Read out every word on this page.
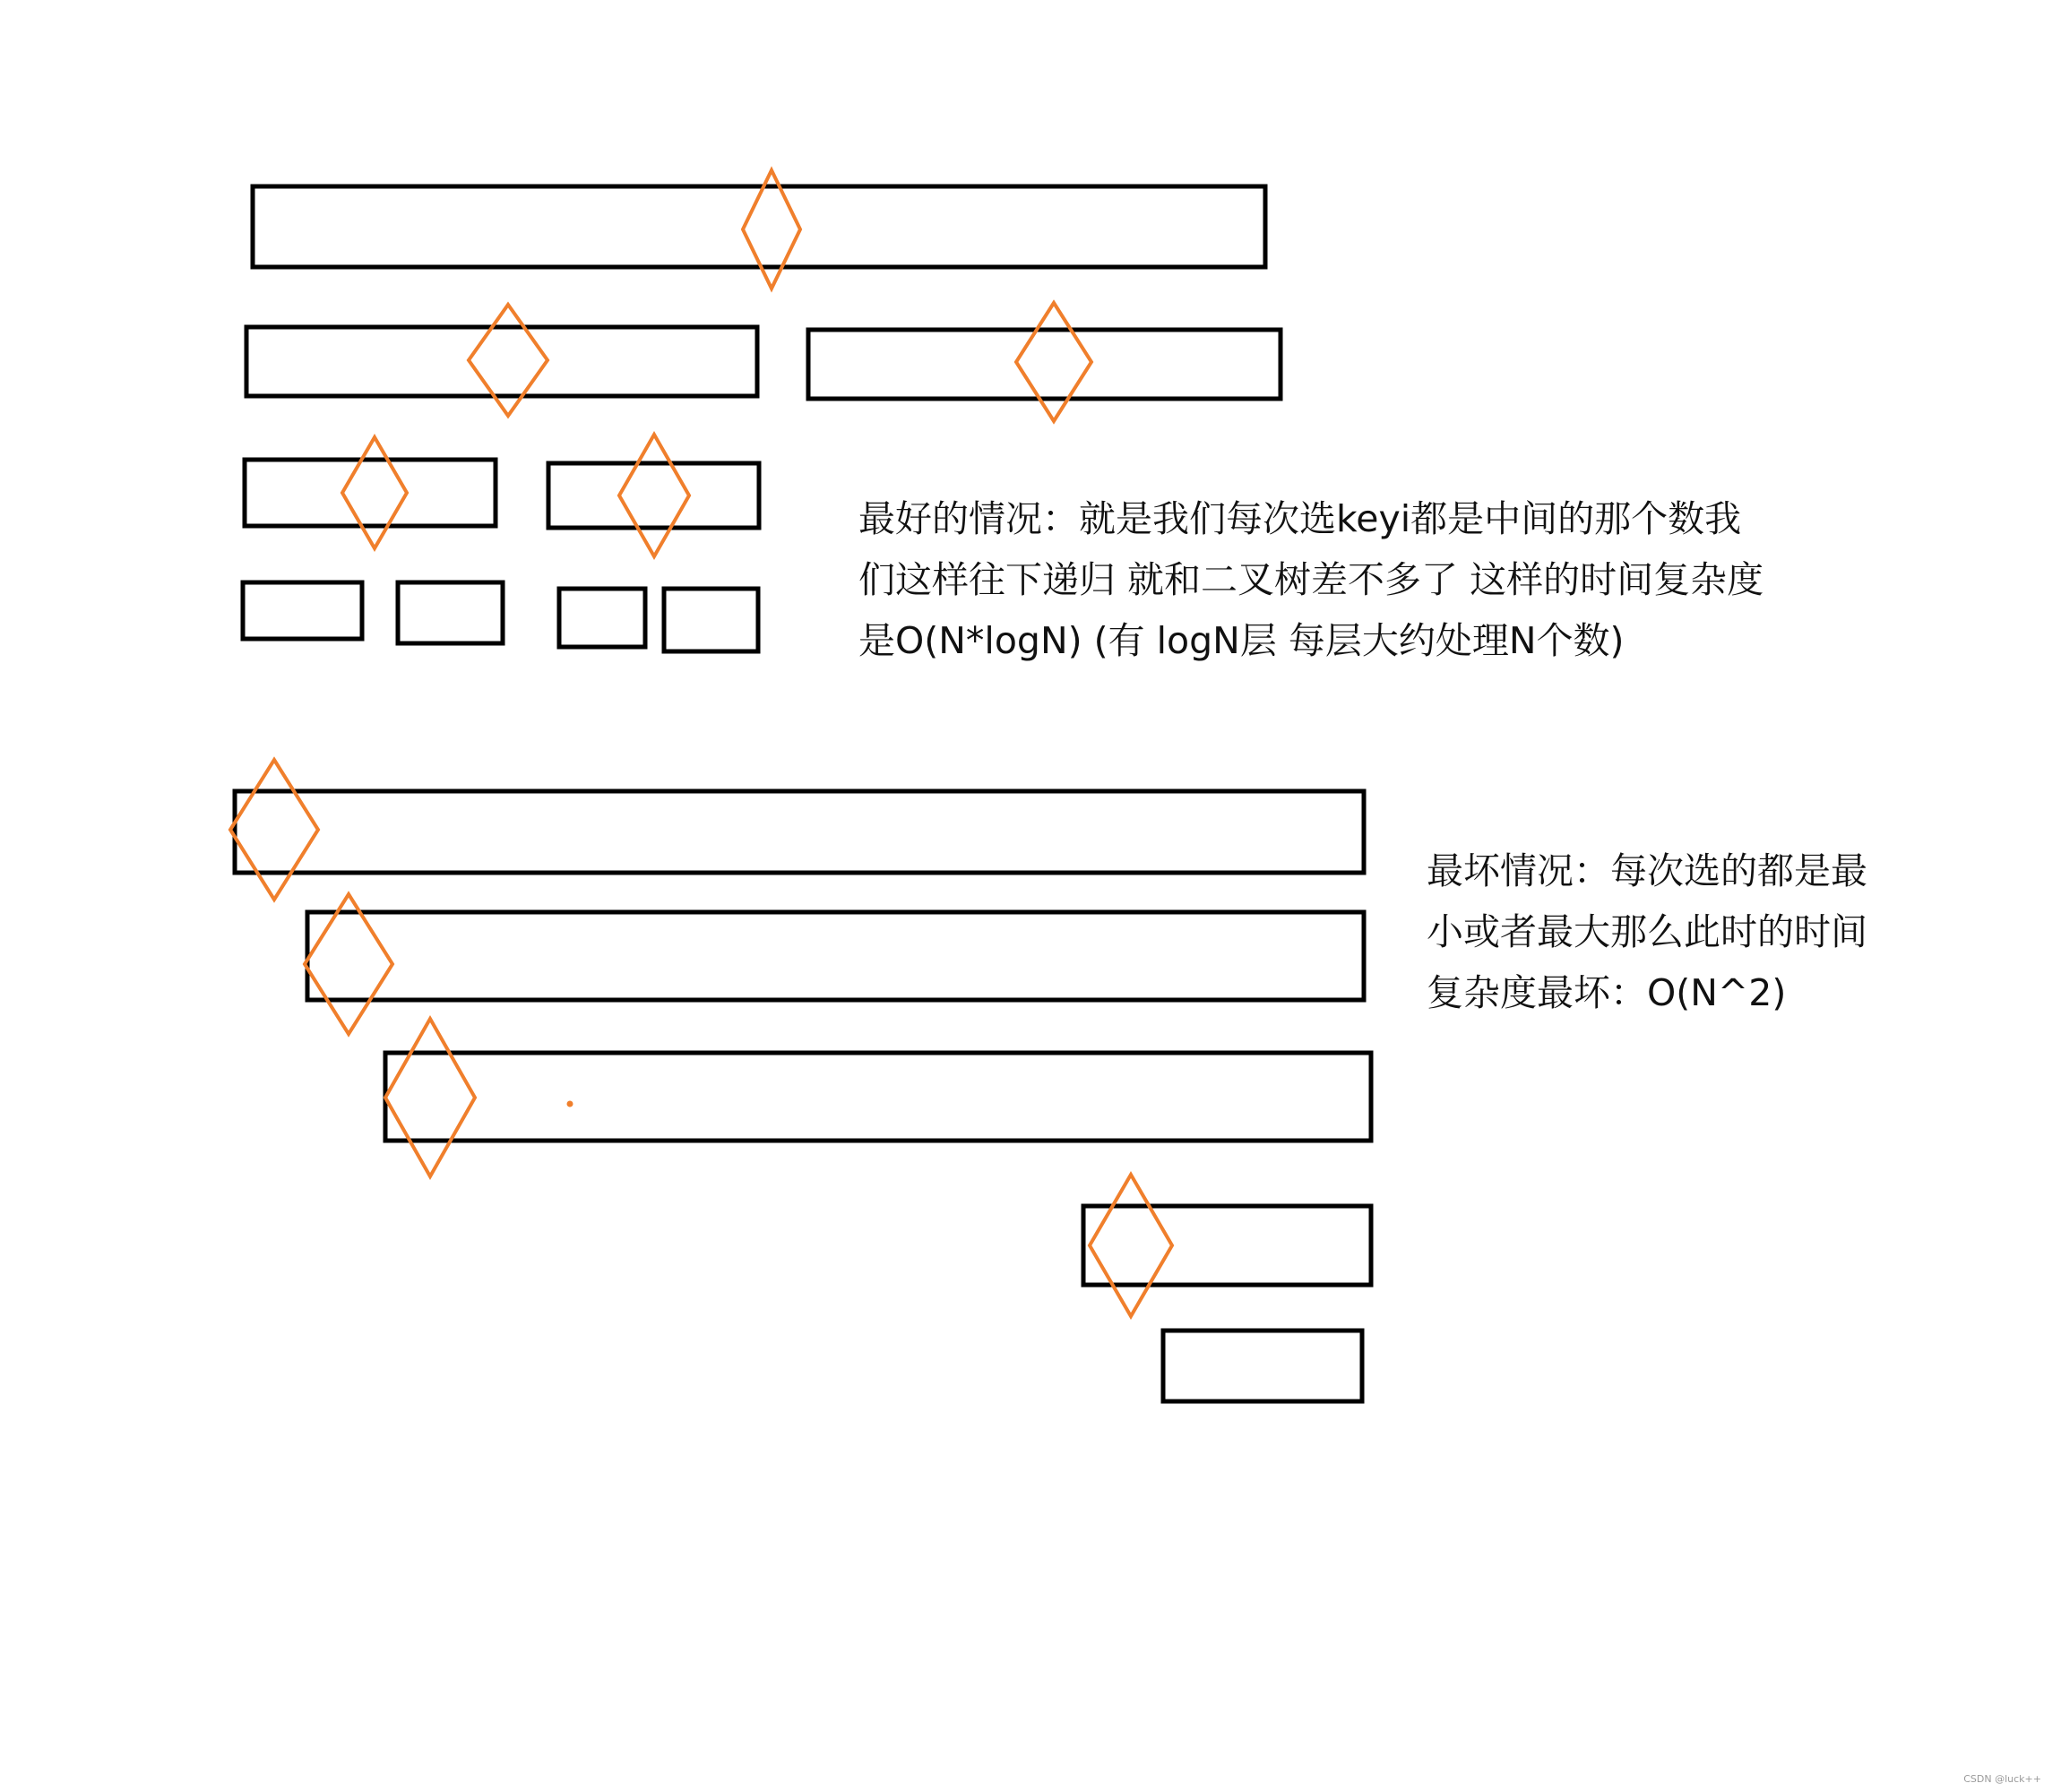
最好的情况：就是我们每次选keyi都是中间的那个数我
们这样往下递归 就和二叉树差不多了 这样的时间复杂度
是O(N*logN) (有 logN层 每层大约处理N个数)

最坏情况：每次选的都是最
小或者最大那么此时的时间
复杂度最坏：O(N^2)

CSDN @luck++
